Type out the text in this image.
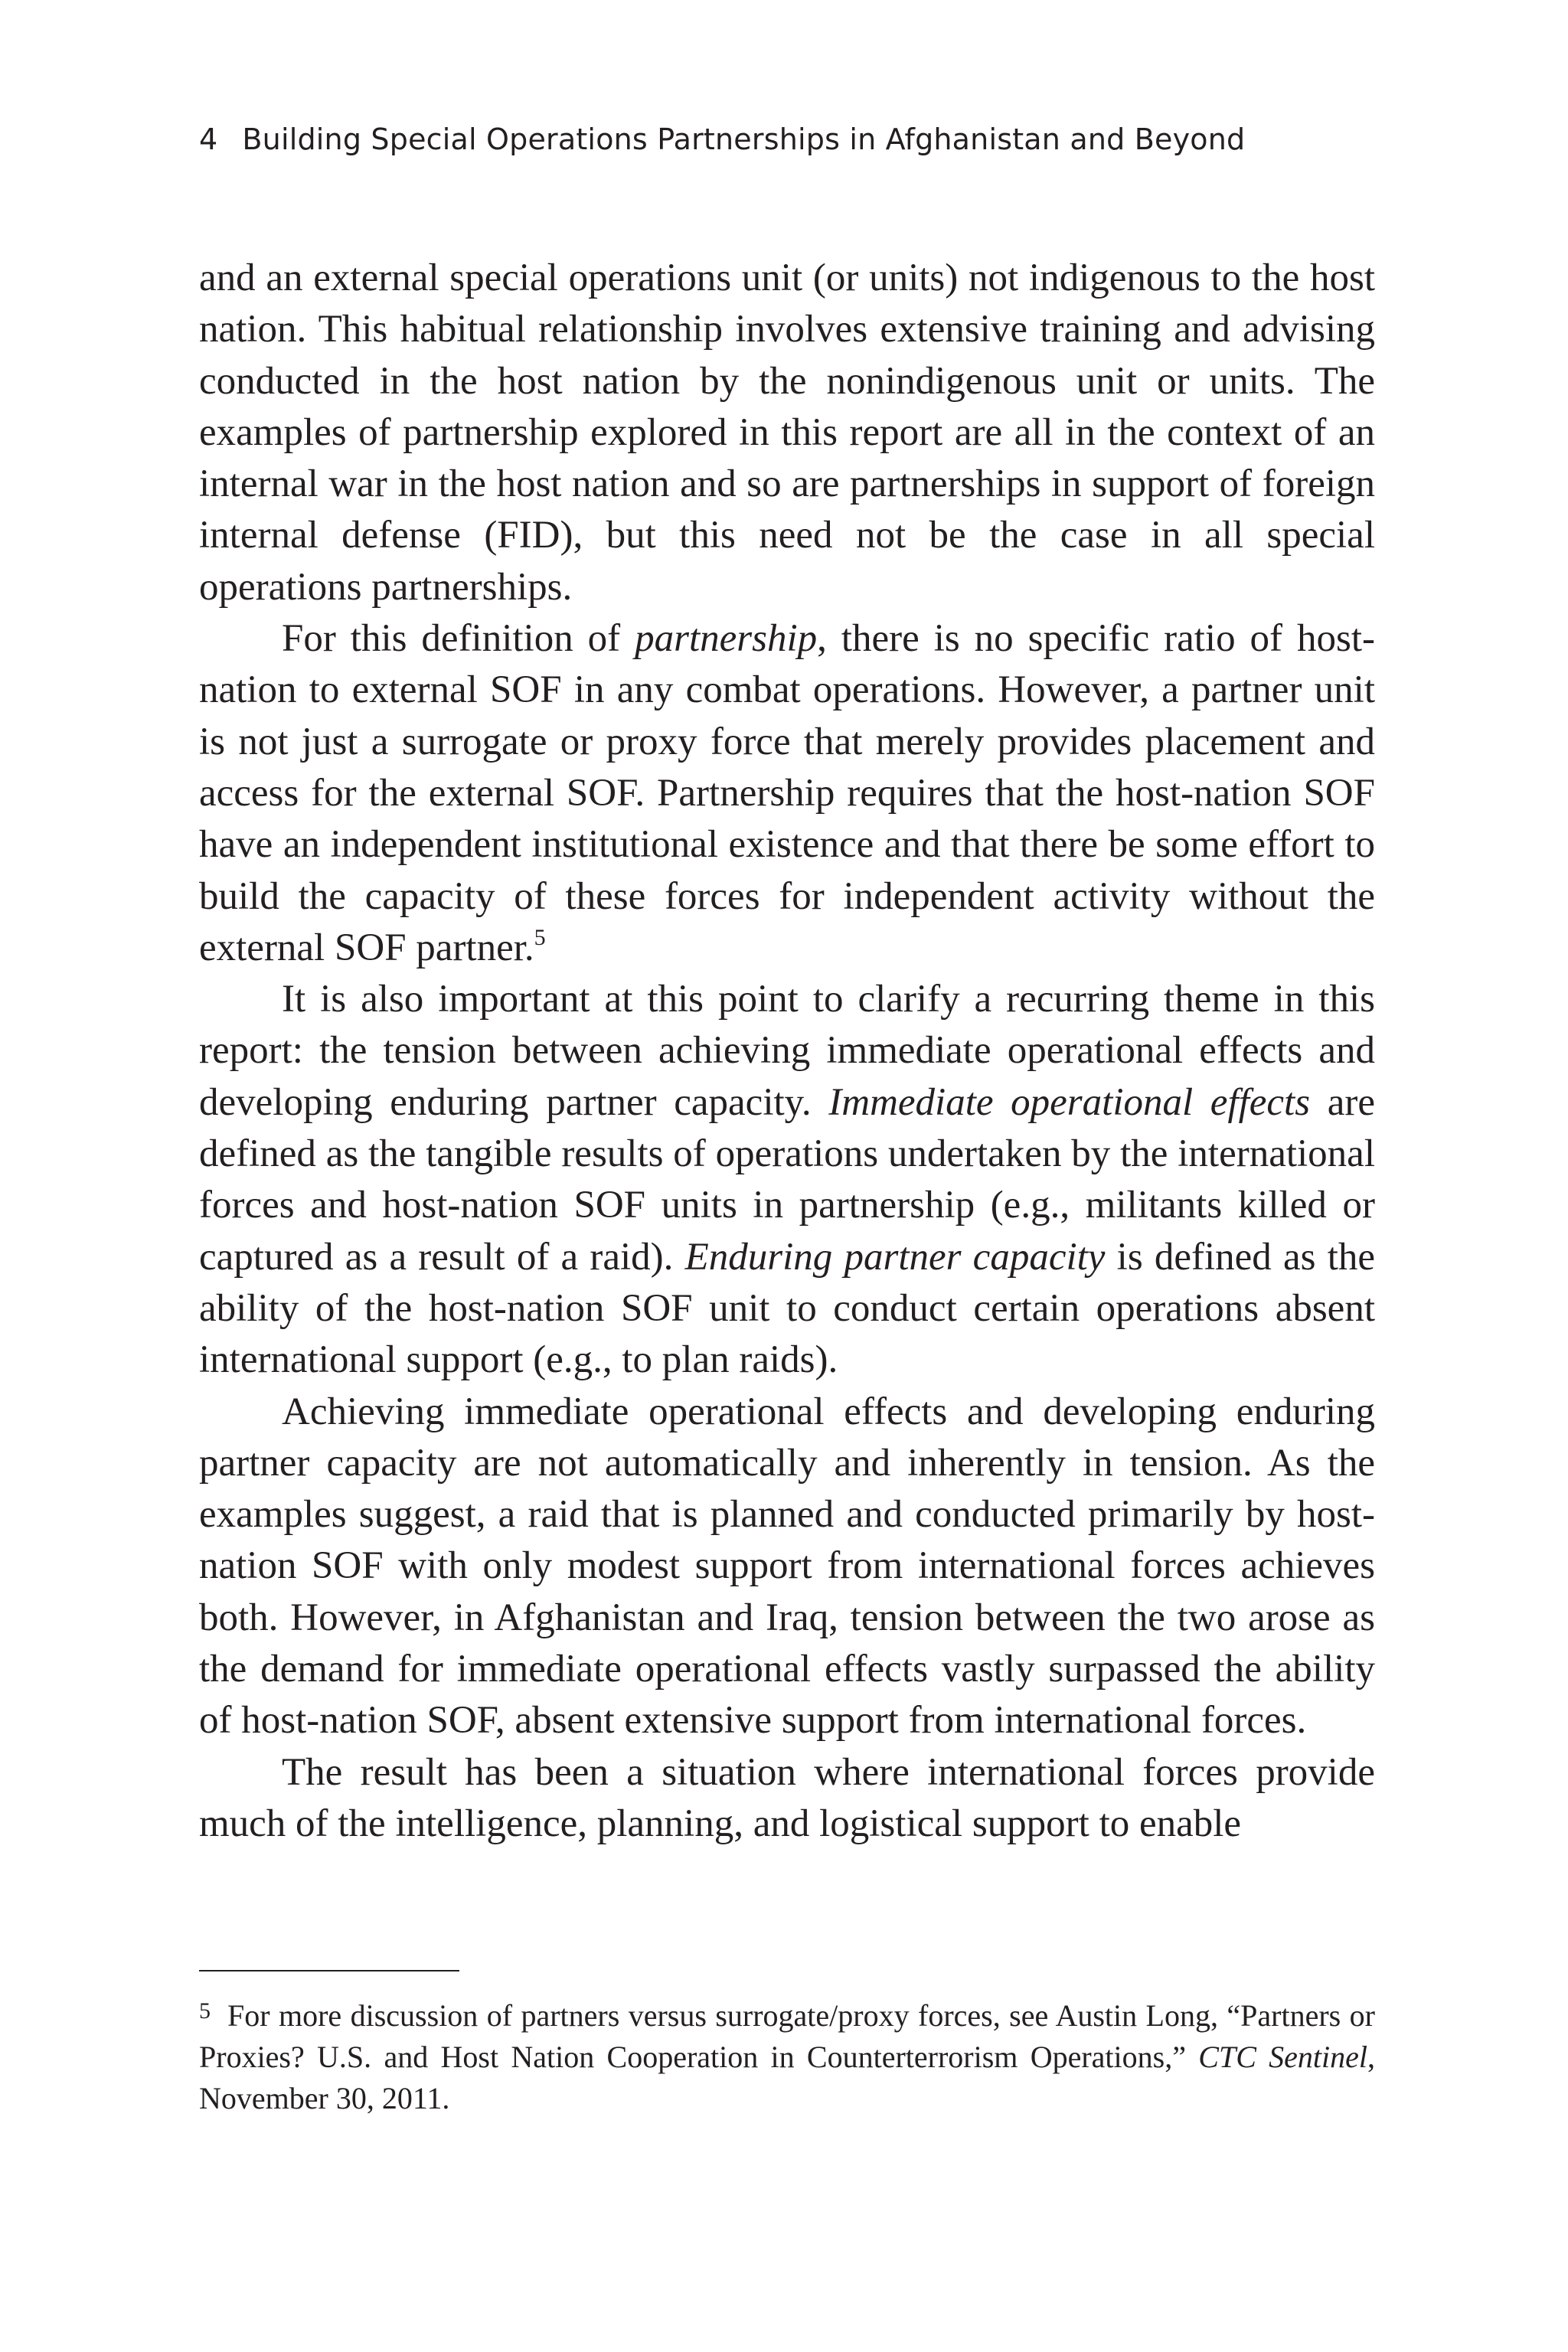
4 Building Special Operations Partnerships in Afghanistan and Beyond

and an external special operations unit (or units) not indigenous to the host nation. This habitual relationship involves extensive training and advising conducted in the host nation by the nonindigenous unit or units. The examples of partnership explored in this report are all in the context of an internal war in the host nation and so are partnerships in support of foreign internal defense (FID), but this need not be the case in all special operations partnerships.

For this definition of partnership, there is no specific ratio of host-nation to external SOF in any combat operations. However, a partner unit is not just a surrogate or proxy force that merely provides placement and access for the external SOF. Partnership requires that the host-nation SOF have an independent institutional existence and that there be some effort to build the capacity of these forces for independent activity without the external SOF partner.$^5$

It is also important at this point to clarify a recurring theme in this report: the tension between achieving immediate operational effects and developing enduring partner capacity. Immediate operational effects are defined as the tangible results of operations undertaken by the international forces and host-nation SOF units in partnership (e.g., militants killed or captured as a result of a raid). Enduring partner capacity is defined as the ability of the host-nation SOF unit to conduct certain operations absent international support (e.g., to plan raids).

Achieving immediate operational effects and developing enduring partner capacity are not automatically and inherently in tension. As the examples suggest, a raid that is planned and conducted primarily by host-nation SOF with only modest support from international forces achieves both. However, in Afghanistan and Iraq, tension between the two arose as the demand for immediate operational effects vastly surpassed the ability of host-nation SOF, absent extensive support from international forces.

The result has been a situation where international forces provide much of the intelligence, planning, and logistical support to enable

$^5$ For more discussion of partners versus surrogate/proxy forces, see Austin Long, “Partners or Proxies? U.S. and Host Nation Cooperation in Counterterrorism Operations,” CTC Sentinel, November 30, 2011.
